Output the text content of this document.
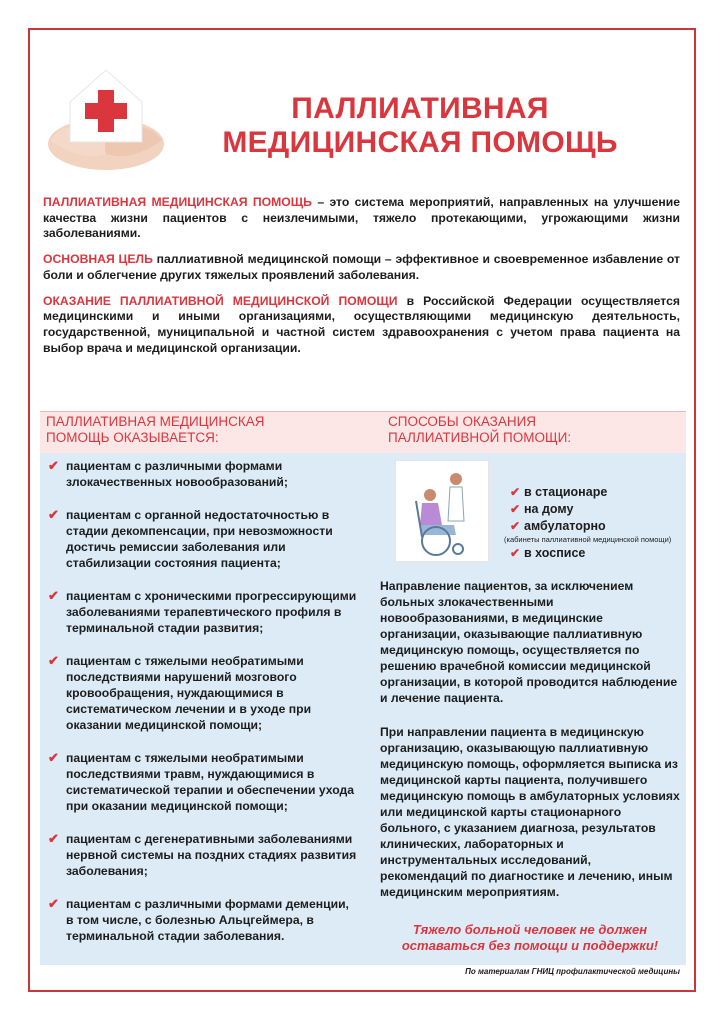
ПАЛЛИАТИВНАЯ
МЕДИЦИНСКАЯ ПОМОЩЬ

ПАЛЛИАТИВНАЯ МЕДИЦИНСКАЯ ПОМОЩЬ – это система мероприятий, направленных на улучшение качества жизни пациентов с неизлечимыми, тяжело протекающими, угрожающими жизни заболеваниями.

ОСНОВНАЯ ЦЕЛЬ паллиативной медицинской помощи – эффективное и своевременное избавление от боли и облегчение других тяжелых проявлений заболевания.

ОКАЗАНИЕ ПАЛЛИАТИВНОЙ МЕДИЦИНСКОЙ ПОМОЩИ в Российской Федерации осуществляется медицинскими и иными организациями, осуществляющими медицинскую деятельность, государственной, муниципальной и частной систем здравоохранения с учетом права пациента на выбор врача и медицинской организации.

ПАЛЛИАТИВНАЯ МЕДИЦИНСКАЯ ПОМОЩЬ ОКАЗЫВАЕТСЯ:
СПОСОБЫ ОКАЗАНИЯ ПАЛЛИАТИВНОЙ ПОМОЩИ:
✔ пациентам с различными формами злокачественных новообразований;
✔ пациентам с органной недостаточностью в стадии декомпенсации, при невозможности достичь ремиссии заболевания или стабилизации состояния пациента;
✔ пациентам с хроническими прогрессирующими заболеваниями терапевтического профиля в терминальной стадии развития;
✔ пациентам с тяжелыми необратимыми последствиями нарушений мозгового кровообращения, нуждающимися в систематическом лечении и в уходе при оказании медицинской помощи;
✔ пациентам с тяжелыми необратимыми последствиями травм, нуждающимися в систематической терапии и обеспечении ухода при оказании медицинской помощи;
✔ пациентам с дегенеративными заболеваниями нервной системы на поздних стадиях развития заболевания;
✔ пациентам с различными формами деменции, в том числе, с болезнью Альцгеймера, в терминальной стадии заболевания.
✔ в стационаре
✔ на дому
✔ амбулаторно
(кабинеты паллиативной медицинской помощи)
✔ в хосписе

Направление пациентов, за исключением больных злокачественными новообразованиями, в медицинские организации, оказывающие паллиативную медицинскую помощь, осуществляется по решению врачебной комиссии медицинской организации, в которой проводится наблюдение и лечение пациента.

При направлении пациента в медицинскую организацию, оказывающую паллиативную медицинскую помощь, оформляется выписка из медицинской карты пациента, получившего медицинскую помощь в амбулаторных условиях или медицинской карты стационарного больного, с указанием диагноза, результатов клинических, лабораторных и инструментальных исследований, рекомендаций по диагностике и лечению, иным медицинским мероприятиям.

Тяжело больной человек не должен оставаться без помощи и поддержки!
По материалам ГНИЦ профилактической медицины
